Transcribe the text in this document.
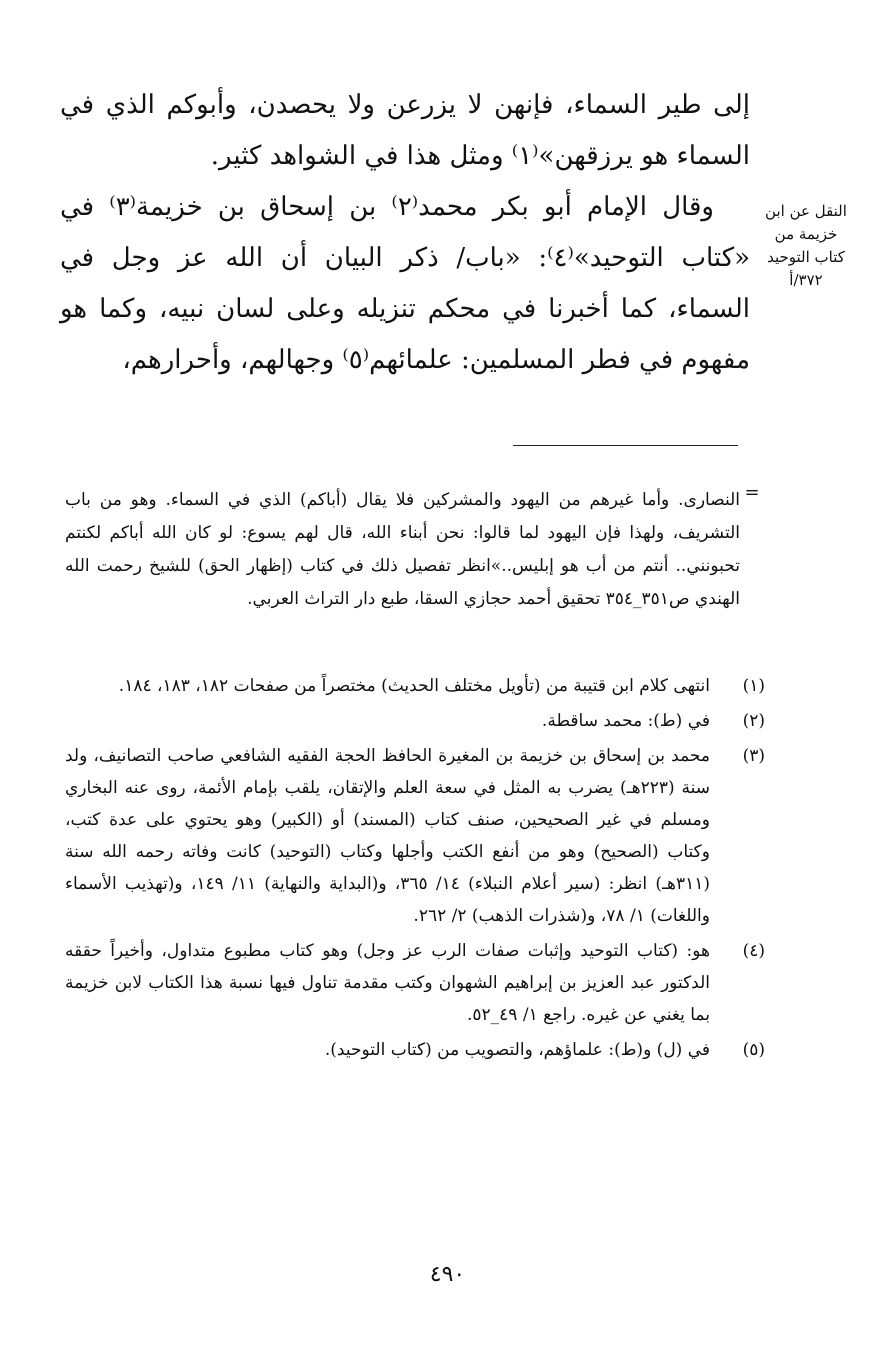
إلى طير السماء، فإنهن لا يزرعن ولا يحصدن، وأبوكم الذي في السماء هو يرزقهن»⁽١⁾ ومثل هذا في الشواهد كثير.

وقال الإمام أبو بكر محمد⁽٢⁾ بن إسحاق بن خزيمة⁽٣⁾ في «كتاب التوحيد»⁽٤⁾: «باب/ ذكر البيان أن الله عز وجل في السماء، كما أخبرنا في محكم تنزيله وعلى لسان نبيه، وكما هو مفهوم في فطر المسلمين: علمائهم⁽٥⁾ وجهالهم، وأحرارهم،

النقل عن ابن
خزيمة من
كتاب التوحيد
٣٧٢/أ
=
النصارى. وأما غيرهم من اليهود والمشركين فلا يقال (أباكم) الذي في السماء. وهو من باب التشريف، ولهذا فإن اليهود لما قالوا: نحن أبناء الله، قال لهم يسوع: لو كان الله أباكم لكنتم تحبونني.. أنتم من أب هو إبليس..»انظر تفصيل ذلك في كتاب (إظهار الحق) للشيخ رحمت الله الهندي ص٣٥١_٣٥٤ تحقيق أحمد حجازي السقا، طبع دار التراث العربي.
(١)
انتهى كلام ابن قتيبة من (تأويل مختلف الحديث) مختصراً من صفحات ١٨٢، ١٨٣، ١٨٤.
(٢)
في (ط): محمد ساقطة.
(٣)
محمد بن إسحاق بن خزيمة بن المغيرة الحافظ الحجة الفقيه الشافعي صاحب التصانيف، ولد سنة (٢٢٣هـ) يضرب به المثل في سعة العلم والإتقان، يلقب بإمام الأئمة، روى عنه البخاري ومسلم في غير الصحيحين، صنف كتاب (المسند) أو (الكبير) وهو يحتوي على عدة كتب، وكتاب (الصحيح) وهو من أنفع الكتب وأجلها وكتاب (التوحيد) كانت وفاته رحمه الله سنة (٣١١هـ) انظر: (سير أعلام النبلاء) ١٤/ ٣٦٥، و(البداية والنهاية) ١١/ ١٤٩، و(تهذيب الأسماء واللغات) ١/ ٧٨، و(شذرات الذهب) ٢/ ٢٦٢.
(٤)
هو: (كتاب التوحيد وإثبات صفات الرب عز وجل) وهو كتاب مطبوع متداول، وأخيراً حققه الدكتور عبد العزيز بن إبراهيم الشهوان وكتب مقدمة تناول فيها نسبة هذا الكتاب لابن خزيمة بما يغني عن غيره. راجع ١/ ٤٩_٥٢.
(٥)
في (ل) و(ط): علماؤهم، والتصويب من (كتاب التوحيد).
٤٩٠
